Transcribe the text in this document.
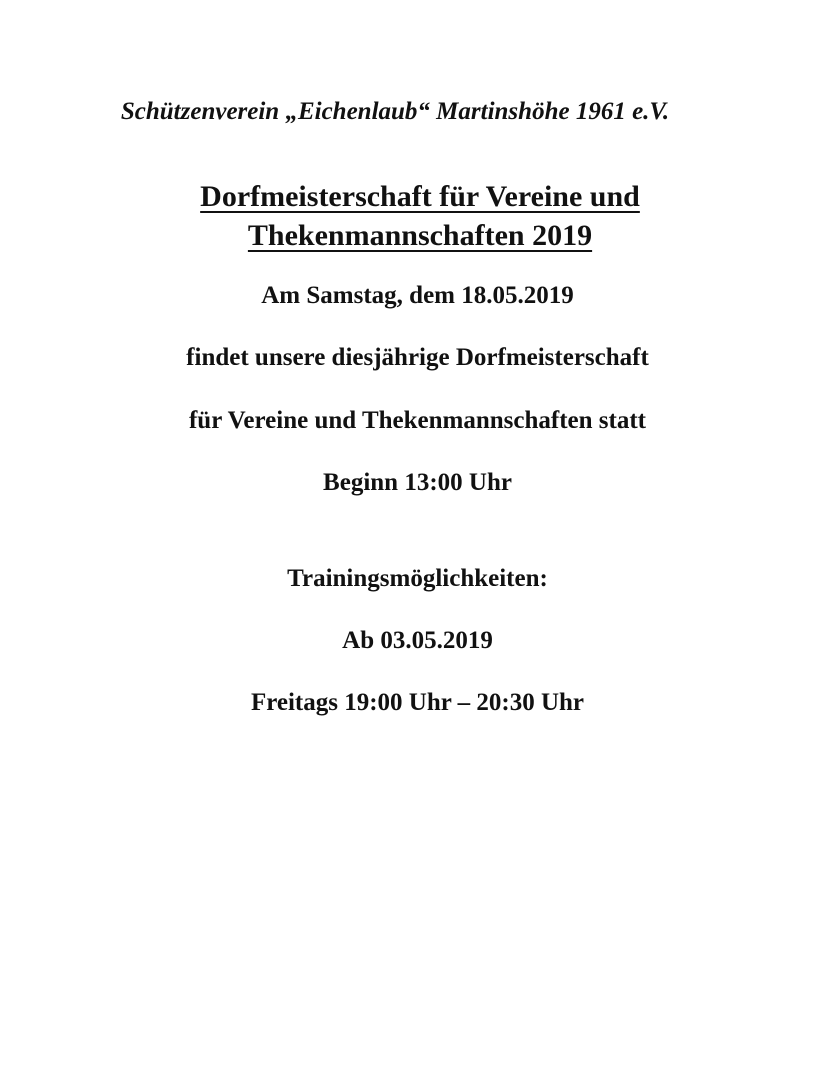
Schützenverein „Eichenlaub“ Martinshöhe 1961 e.V.
Dorfmeisterschaft für Vereine und
Thekenmannschaften 2019
Am Samstag, dem 18.05.2019
findet unsere diesjährige Dorfmeisterschaft
für Vereine und Thekenmannschaften statt
Beginn 13:00 Uhr
Trainingsmöglichkeiten:
Ab 03.05.2019
Freitags 19:00 Uhr – 20:30 Uhr
